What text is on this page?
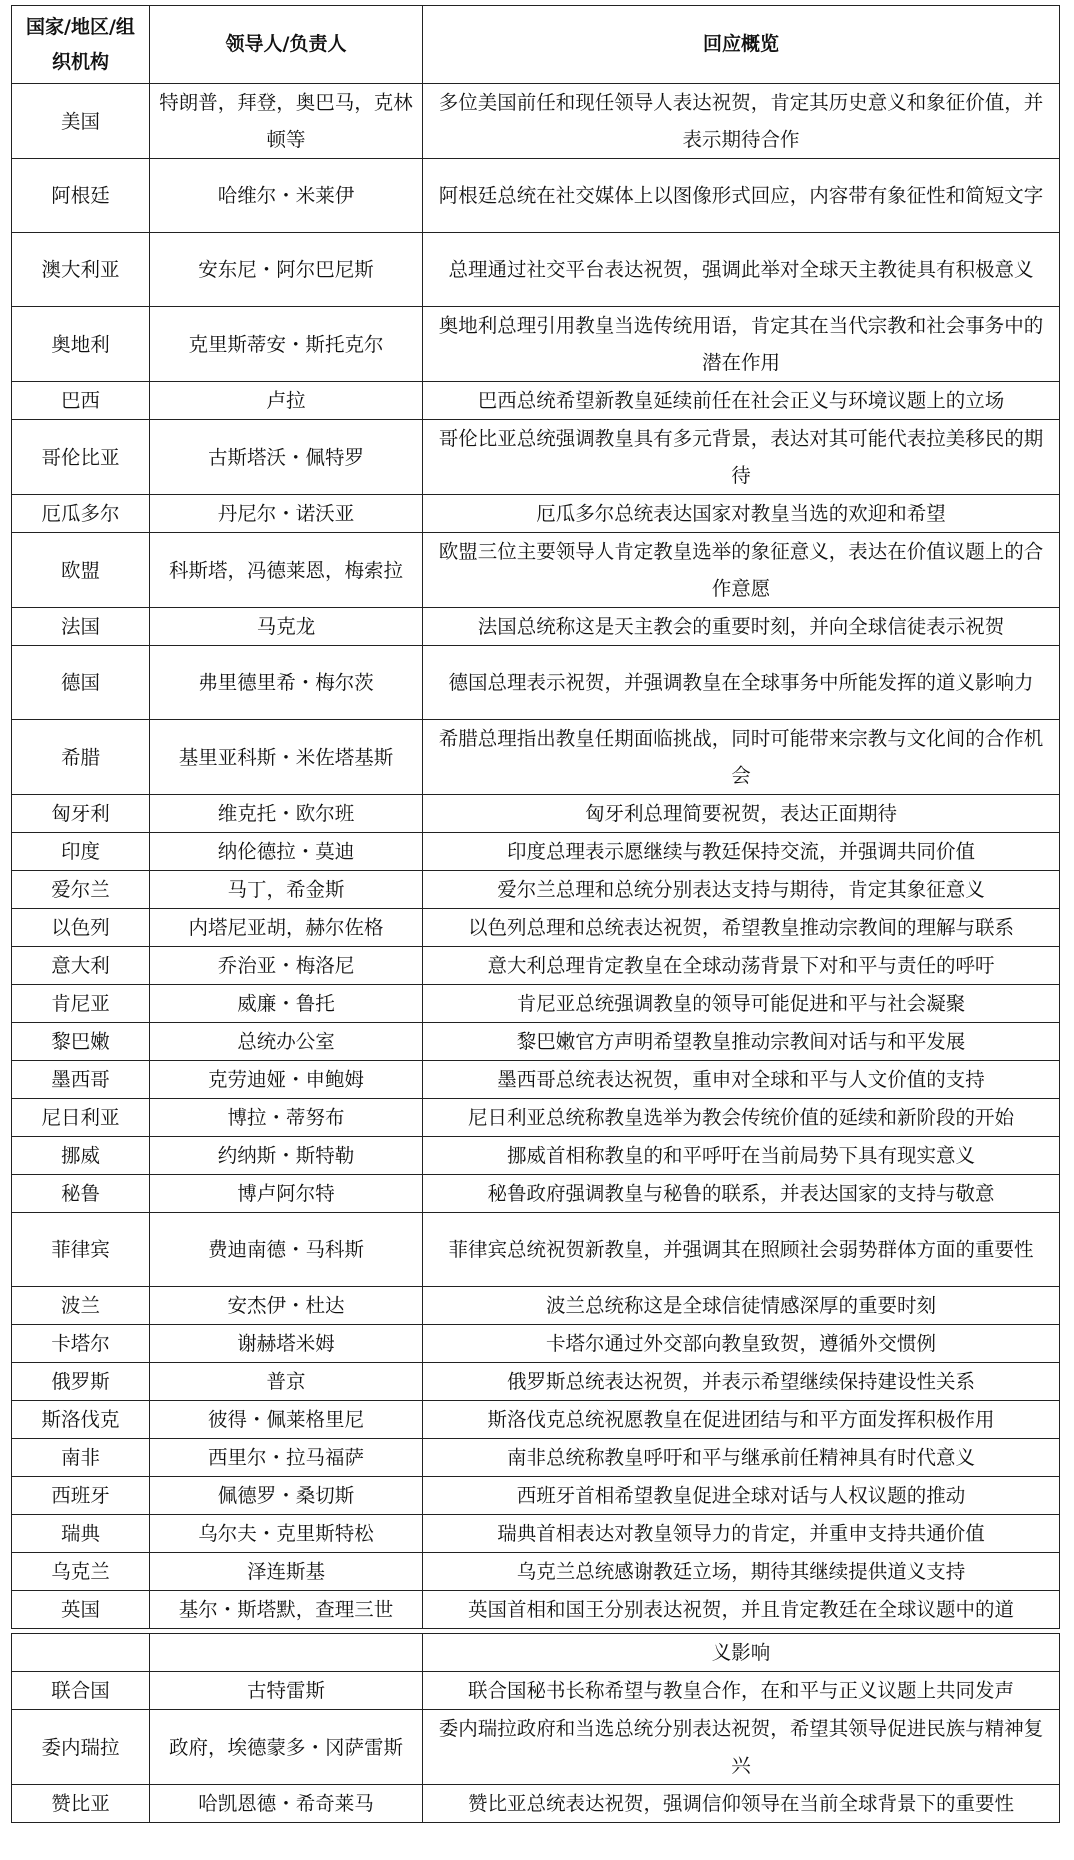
国家/地区/组织机构	领导人/负责人	回应概览
美国	特朗普，拜登，奥巴马，克林顿等	多位美国前任和现任领导人表达祝贺，肯定其历史意义和象征价值，并表示期待合作
阿根廷	哈维尔・米莱伊	阿根廷总统在社交媒体上以图像形式回应，内容带有象征性和简短文字
澳大利亚	安东尼・阿尔巴尼斯	总理通过社交平台表达祝贺，强调此举对全球天主教徒具有积极意义
奥地利	克里斯蒂安・斯托克尔	奥地利总理引用教皇当选传统用语，肯定其在当代宗教和社会事务中的潜在作用
巴西	卢拉	巴西总统希望新教皇延续前任在社会正义与环境议题上的立场
哥伦比亚	古斯塔沃・佩特罗	哥伦比亚总统强调教皇具有多元背景，表达对其可能代表拉美移民的期待
厄瓜多尔	丹尼尔・诺沃亚	厄瓜多尔总统表达国家对教皇当选的欢迎和希望
欧盟	科斯塔，冯德莱恩，梅索拉	欧盟三位主要领导人肯定教皇选举的象征意义，表达在价值议题上的合作意愿
法国	马克龙	法国总统称这是天主教会的重要时刻，并向全球信徒表示祝贺
德国	弗里德里希・梅尔茨	德国总理表示祝贺，并强调教皇在全球事务中所能发挥的道义影响力
希腊	基里亚科斯・米佐塔基斯	希腊总理指出教皇任期面临挑战，同时可能带来宗教与文化间的合作机会
匈牙利	维克托・欧尔班	匈牙利总理简要祝贺，表达正面期待
印度	纳伦德拉・莫迪	印度总理表示愿继续与教廷保持交流，并强调共同价值
爱尔兰	马丁，希金斯	爱尔兰总理和总统分别表达支持与期待，肯定其象征意义
以色列	内塔尼亚胡，赫尔佐格	以色列总理和总统表达祝贺，希望教皇推动宗教间的理解与联系
意大利	乔治亚・梅洛尼	意大利总理肯定教皇在全球动荡背景下对和平与责任的呼吁
肯尼亚	威廉・鲁托	肯尼亚总统强调教皇的领导可能促进和平与社会凝聚
黎巴嫩	总统办公室	黎巴嫩官方声明希望教皇推动宗教间对话与和平发展
墨西哥	克劳迪娅・申鲍姆	墨西哥总统表达祝贺，重申对全球和平与人文价值的支持
尼日利亚	博拉・蒂努布	尼日利亚总统称教皇选举为教会传统价值的延续和新阶段的开始
挪威	约纳斯・斯特勒	挪威首相称教皇的和平呼吁在当前局势下具有现实意义
秘鲁	博卢阿尔特	秘鲁政府强调教皇与秘鲁的联系，并表达国家的支持与敬意
菲律宾	费迪南德・马科斯	菲律宾总统祝贺新教皇，并强调其在照顾社会弱势群体方面的重要性
波兰	安杰伊・杜达	波兰总统称这是全球信徒情感深厚的重要时刻
卡塔尔	谢赫塔米姆	卡塔尔通过外交部向教皇致贺，遵循外交惯例
俄罗斯	普京	俄罗斯总统表达祝贺，并表示希望继续保持建设性关系
斯洛伐克	彼得・佩莱格里尼	斯洛伐克总统祝愿教皇在促进团结与和平方面发挥积极作用
南非	西里尔・拉马福萨	南非总统称教皇呼吁和平与继承前任精神具有时代意义
西班牙	佩德罗・桑切斯	西班牙首相希望教皇促进全球对话与人权议题的推动
瑞典	乌尔夫・克里斯特松	瑞典首相表达对教皇领导力的肯定，并重申支持共通价值
乌克兰	泽连斯基	乌克兰总统感谢教廷立场，期待其继续提供道义支持
英国	基尔・斯塔默，查理三世	英国首相和国王分别表达祝贺，并且肯定教廷在全球议题中的道

		义影响
联合国	古特雷斯	联合国秘书长称希望与教皇合作，在和平与正义议题上共同发声
委内瑞拉	政府，埃德蒙多・冈萨雷斯	委内瑞拉政府和当选总统分别表达祝贺，希望其领导促进民族与精神复兴
赞比亚	哈凯恩德・希奇莱马	赞比亚总统表达祝贺，强调信仰领导在当前全球背景下的重要性
